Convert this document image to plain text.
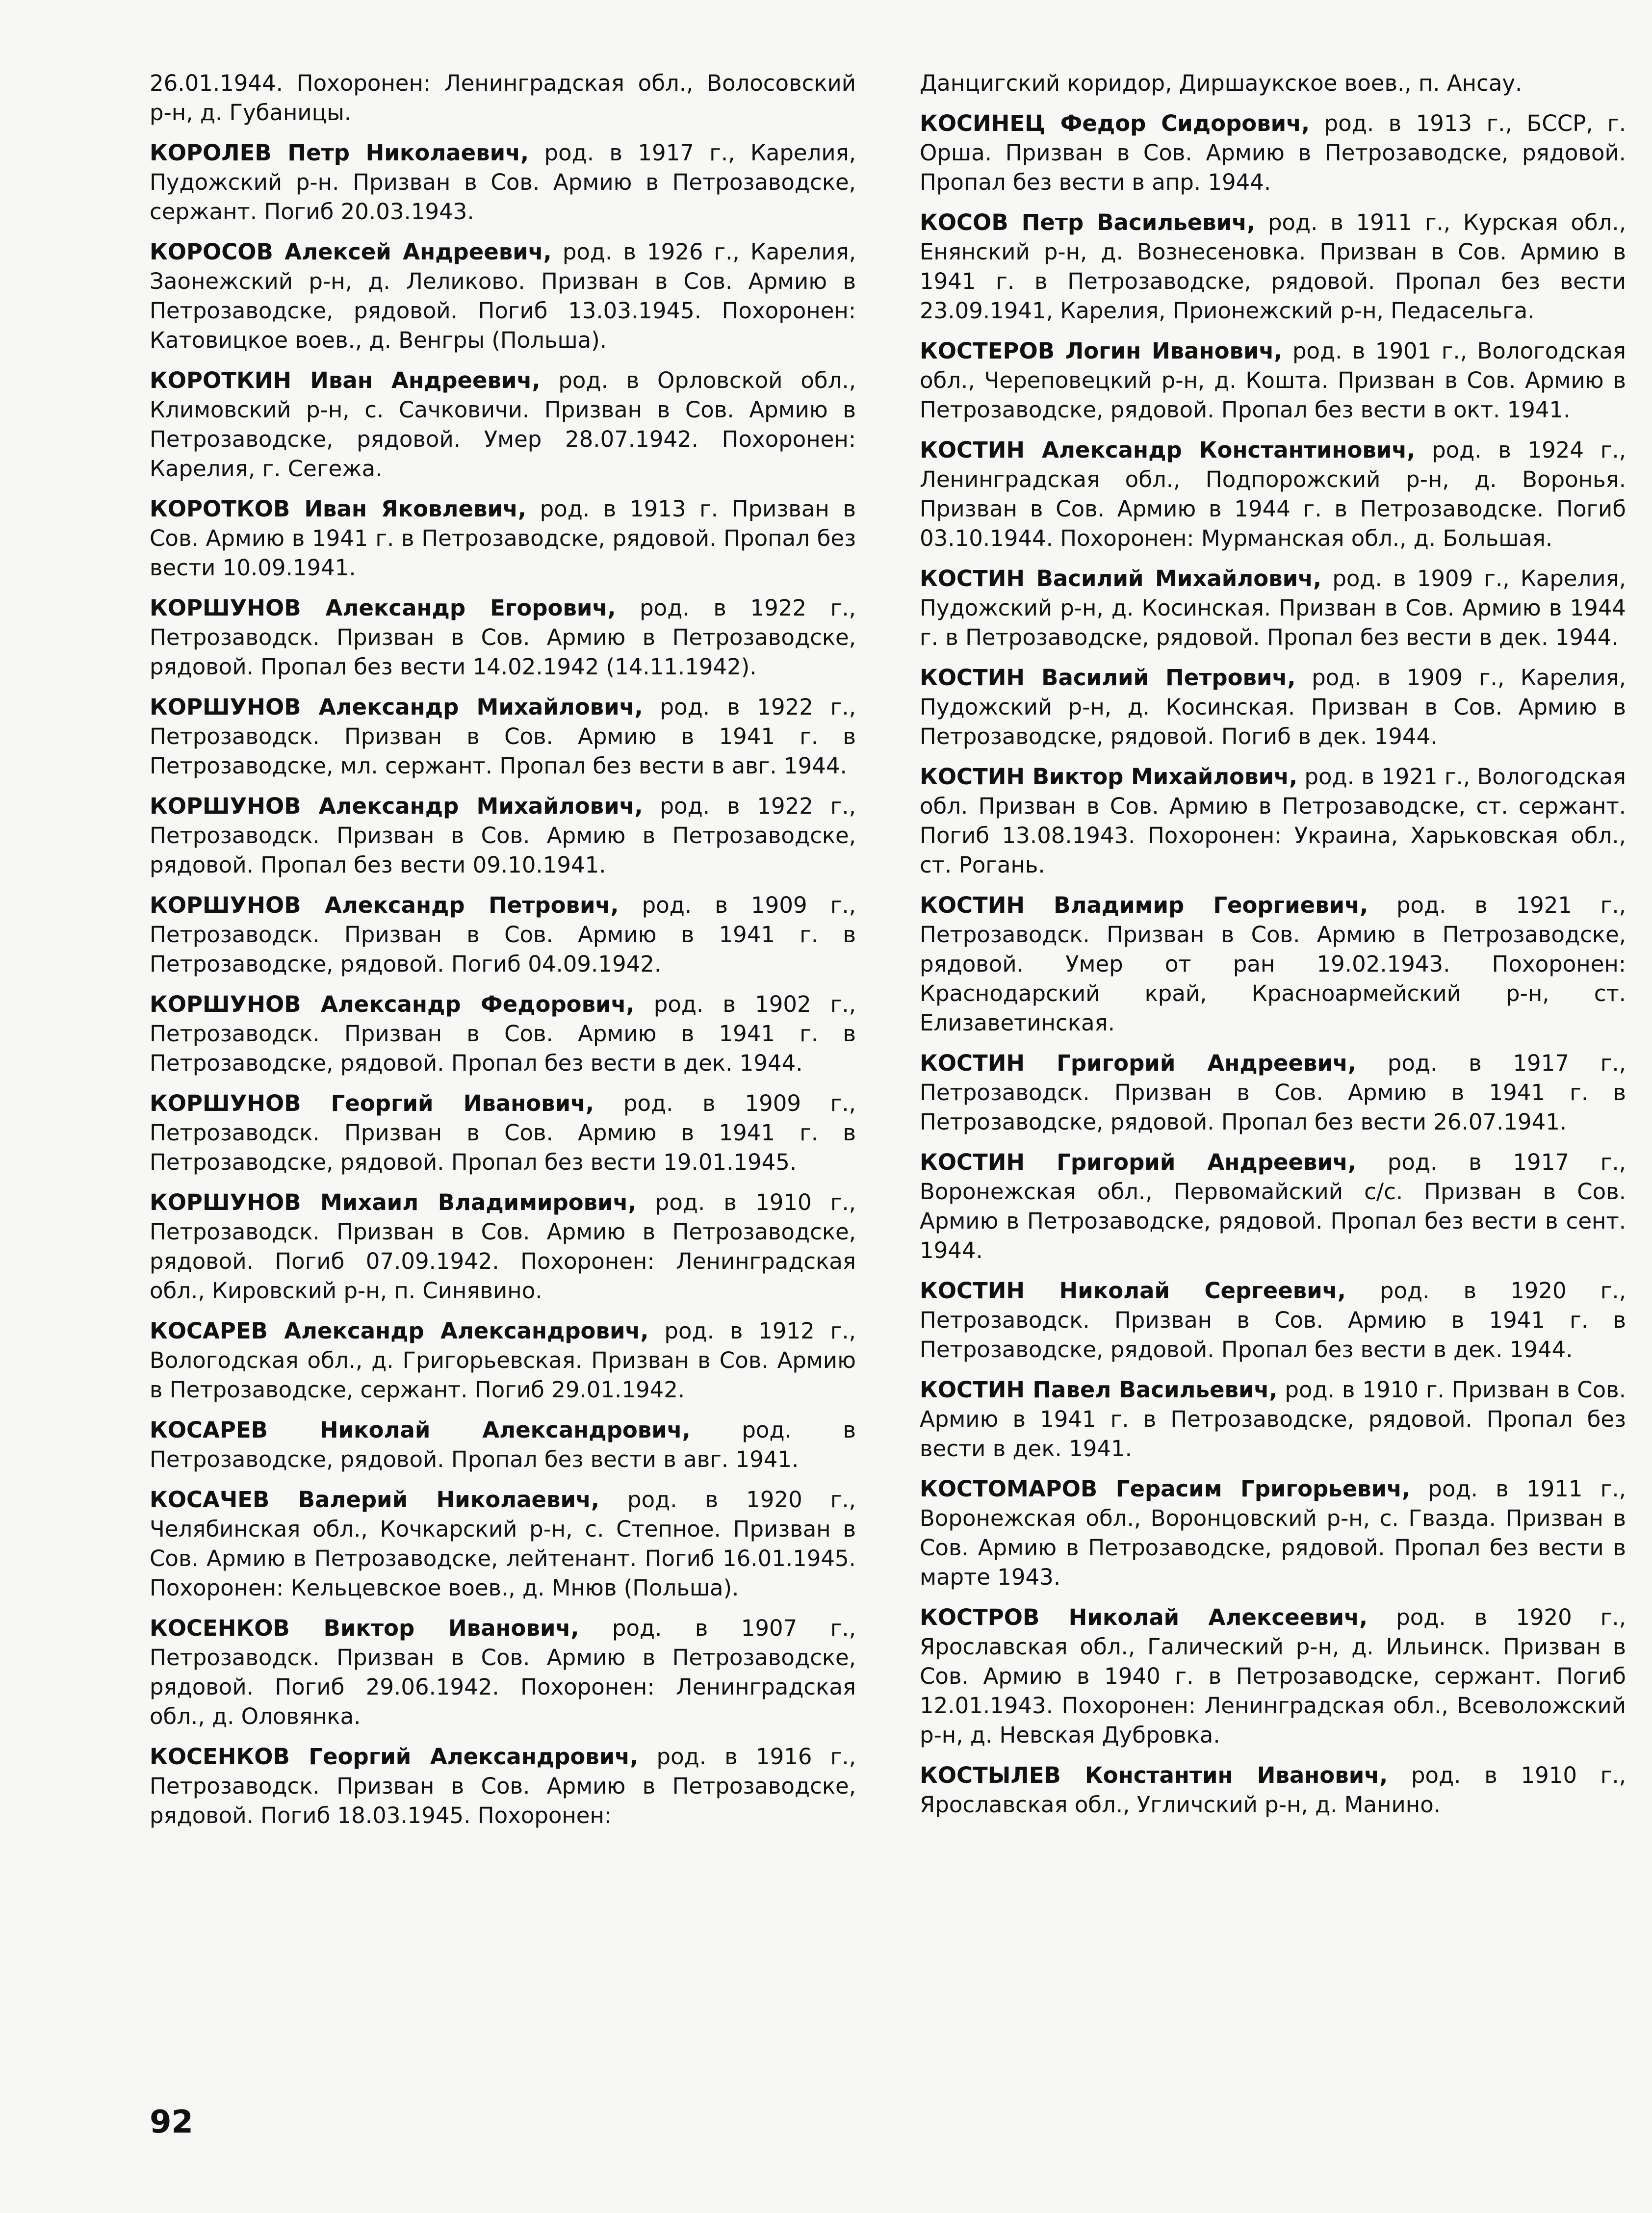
26.01.1944. Похоронен: Ленинградская обл., Волосовский р-н, д. Губаницы.

КОРОЛЕВ Петр Николаевич, род. в 1917 г., Карелия, Пудожский р-н. Призван в Сов. Армию в Петрозаводске, сержант. Погиб 20.03.1943.

КОРОСОВ Алексей Андреевич, род. в 1926 г., Карелия, Заонежский р-н, д. Леликово. Призван в Сов. Армию в Петрозаводске, рядовой. Погиб 13.03.1945. Похоронен: Катовицкое воев., д. Венгры (Польша).

КОРОТКИН Иван Андреевич, род. в Орловской обл., Климовский р-н, с. Сачковичи. Призван в Сов. Армию в Петрозаводске, рядовой. Умер 28.07.1942. Похоронен: Карелия, г. Сегежа.

КОРОТКОВ Иван Яковлевич, род. в 1913 г. Призван в Сов. Армию в 1941 г. в Петрозаводске, рядовой. Пропал без вести 10.09.1941.

КОРШУНОВ Александр Егорович, род. в 1922 г., Петрозаводск. Призван в Сов. Армию в Петрозаводске, рядовой. Пропал без вести 14.02.1942 (14.11.1942).

КОРШУНОВ Александр Михайлович, род. в 1922 г., Петрозаводск. Призван в Сов. Армию в 1941 г. в Петрозаводске, мл. сержант. Пропал без вести в авг. 1944.

КОРШУНОВ Александр Михайлович, род. в 1922 г., Петрозаводск. Призван в Сов. Армию в Петрозаводске, рядовой. Пропал без вести 09.10.1941.

КОРШУНОВ Александр Петрович, род. в 1909 г., Петрозаводск. Призван в Сов. Армию в 1941 г. в Петрозаводске, рядовой. Погиб 04.09.1942.

КОРШУНОВ Александр Федорович, род. в 1902 г., Петрозаводск. Призван в Сов. Армию в 1941 г. в Петрозаводске, рядовой. Пропал без вести в дек. 1944.

КОРШУНОВ Георгий Иванович, род. в 1909 г., Петрозаводск. Призван в Сов. Армию в 1941 г. в Петрозаводске, рядовой. Пропал без вести 19.01.1945.

КОРШУНОВ Михаил Владимирович, род. в 1910 г., Петрозаводск. Призван в Сов. Армию в Петрозаводске, рядовой. Погиб 07.09.1942. Похоронен: Ленинградская обл., Кировский р-н, п. Синявино.

КОСАРЕВ Александр Александрович, род. в 1912 г., Вологодская обл., д. Григорьевская. Призван в Сов. Армию в Петрозаводске, сержант. Погиб 29.01.1942.

КОСАРЕВ Николай Александрович, род. в Петрозаводске, рядовой. Пропал без вести в авг. 1941.

КОСАЧЕВ Валерий Николаевич, род. в 1920 г., Челябинская обл., Кочкарский р-н, с. Степное. Призван в Сов. Армию в Петрозаводске, лейтенант. Погиб 16.01.1945. Похоронен: Кельцевское воев., д. Мнюв (Польша).

КОСЕНКОВ Виктор Иванович, род. в 1907 г., Петрозаводск. Призван в Сов. Армию в Петрозаводске, рядовой. Погиб 29.06.1942. Похоронен: Ленинградская обл., д. Оловянка.

КОСЕНКОВ Георгий Александрович, род. в 1916 г., Петрозаводск. Призван в Сов. Армию в Петрозаводске, рядовой. Погиб 18.03.1945. Похоронен:

Данцигский коридор, Диршаукское воев., п. Ансау.

КОСИНЕЦ Федор Сидорович, род. в 1913 г., БССР, г. Орша. Призван в Сов. Армию в Петрозаводске, рядовой. Пропал без вести в апр. 1944.

КОСОВ Петр Васильевич, род. в 1911 г., Курская обл., Енянский р-н, д. Вознесеновка. Призван в Сов. Армию в 1941 г. в Петрозаводске, рядовой. Пропал без вести 23.09.1941, Карелия, Прионежский р-н, Педасельга.

КОСТЕРОВ Логин Иванович, род. в 1901 г., Вологодская обл., Череповецкий р-н, д. Кошта. Призван в Сов. Армию в Петрозаводске, рядовой. Пропал без вести в окт. 1941.

КОСТИН Александр Константинович, род. в 1924 г., Ленинградская обл., Подпорожский р-н, д. Воронья. Призван в Сов. Армию в 1944 г. в Петрозаводске. Погиб 03.10.1944. Похоронен: Мурманская обл., д. Большая.

КОСТИН Василий Михайлович, род. в 1909 г., Карелия, Пудожский р-н, д. Косинская. Призван в Сов. Армию в 1944 г. в Петрозаводске, рядовой. Пропал без вести в дек. 1944.

КОСТИН Василий Петрович, род. в 1909 г., Карелия, Пудожский р-н, д. Косинская. Призван в Сов. Армию в Петрозаводске, рядовой. Погиб в дек. 1944.

КОСТИН Виктор Михайлович, род. в 1921 г., Вологодская обл. Призван в Сов. Армию в Петрозаводске, ст. сержант. Погиб 13.08.1943. Похоронен: Украина, Харьковская обл., ст. Рогань.

КОСТИН Владимир Георгиевич, род. в 1921 г., Петрозаводск. Призван в Сов. Армию в Петрозаводске, рядовой. Умер от ран 19.02.1943. Похоронен: Краснодарский край, Красноармейский р-н, ст. Елизаветинская.

КОСТИН Григорий Андреевич, род. в 1917 г., Петрозаводск. Призван в Сов. Армию в 1941 г. в Петрозаводске, рядовой. Пропал без вести 26.07.1941.

КОСТИН Григорий Андреевич, род. в 1917 г., Воронежская обл., Первомайский с/с. Призван в Сов. Армию в Петрозаводске, рядовой. Пропал без вести в сент. 1944.

КОСТИН Николай Сергеевич, род. в 1920 г., Петрозаводск. Призван в Сов. Армию в 1941 г. в Петрозаводске, рядовой. Пропал без вести в дек. 1944.

КОСТИН Павел Васильевич, род. в 1910 г. Призван в Сов. Армию в 1941 г. в Петрозаводске, рядовой. Пропал без вести в дек. 1941.

КОСТОМАРОВ Герасим Григорьевич, род. в 1911 г., Воронежская обл., Воронцовский р-н, с. Гвазда. Призван в Сов. Армию в Петрозаводске, рядовой. Пропал без вести в марте 1943.

КОСТРОВ Николай Алексеевич, род. в 1920 г., Ярославская обл., Галический р-н, д. Ильинск. Призван в Сов. Армию в 1940 г. в Петрозаводске, сержант. Погиб 12.01.1943. Похоронен: Ленинградская обл., Всеволожский р-н, д. Невская Дубровка.

КОСТЫЛЕВ Константин Иванович, род. в 1910 г., Ярославская обл., Угличский р-н, д. Манино.

92
